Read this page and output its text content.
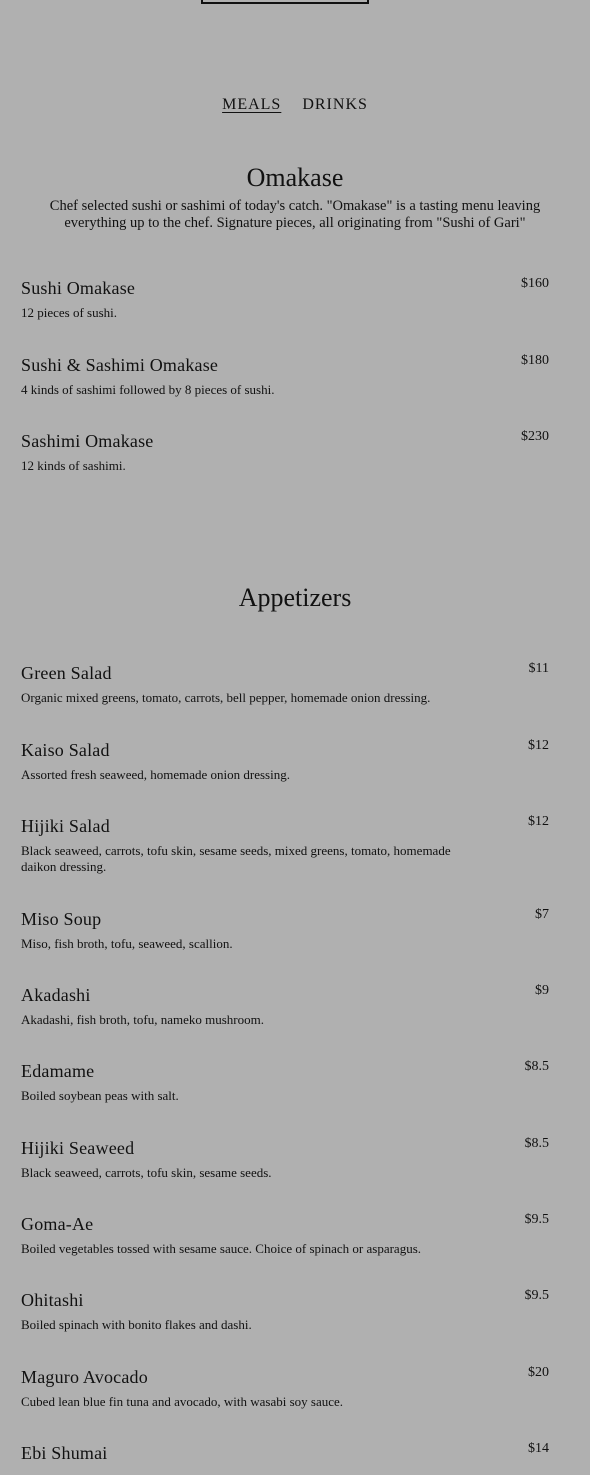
MEALS DRINKS
Omakase

Chef selected sushi or sashimi of today's catch. "Omakase" is a tasting menu leaving everything up to the chef. Signature pieces, all originating from "Sushi of Gari"

Sushi Omakase
12 pieces of sushi.
$160
Sushi & Sashimi Omakase
4 kinds of sashimi followed by 8 pieces of sushi.
$180
Sashimi Omakase
12 kinds of sashimi.
$230
Appetizers
Green Salad
Organic mixed greens, tomato, carrots, bell pepper, homemade onion dressing.
$11
Kaiso Salad
Assorted fresh seaweed, homemade onion dressing.
$12
Hijiki Salad
Black seaweed, carrots, tofu skin, sesame seeds, mixed greens, tomato, homemade daikon dressing.
$12
Miso Soup
Miso, fish broth, tofu, seaweed, scallion.
$7
Akadashi
Akadashi, fish broth, tofu, nameko mushroom.
$9
Edamame
Boiled soybean peas with salt.
$8.5
Hijiki Seaweed
Black seaweed, carrots, tofu skin, sesame seeds.
$8.5
Goma-Ae
Boiled vegetables tossed with sesame sauce. Choice of spinach or asparagus.
$9.5
Ohitashi
Boiled spinach with bonito flakes and dashi.
$9.5
Maguro Avocado
Cubed lean blue fin tuna and avocado, with wasabi soy sauce.
$20
Ebi Shumai	$14
